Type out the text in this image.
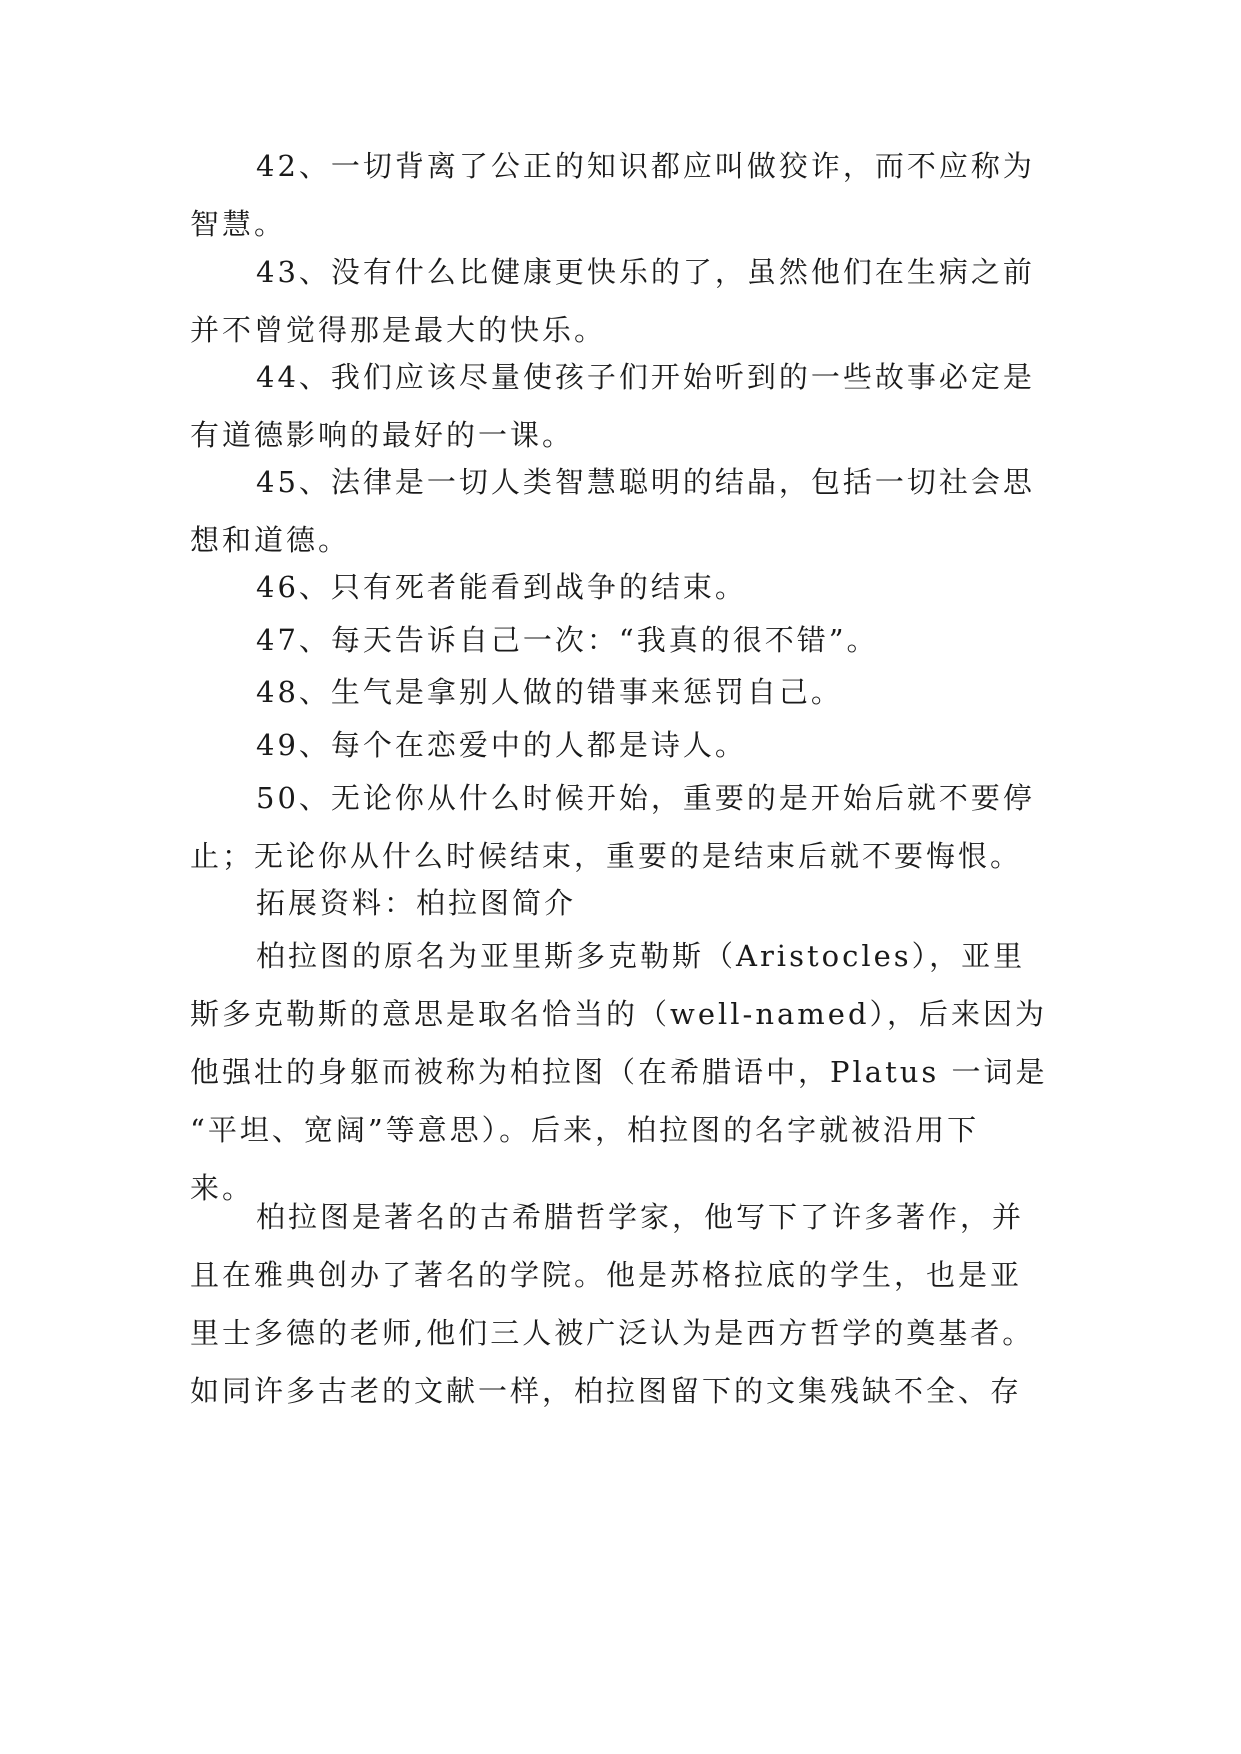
42、一切背离了公正的知识都应叫做狡诈，而不应称为
智慧。

43、没有什么比健康更快乐的了，虽然他们在生病之前
并不曾觉得那是最大的快乐。

44、我们应该尽量使孩子们开始听到的一些故事必定是
有道德影响的最好的一课。

45、法律是一切人类智慧聪明的结晶，包括一切社会思
想和道德。

46、只有死者能看到战争的结束。

47、每天告诉自己一次：“我真的很不错”。

48、生气是拿别人做的错事来惩罚自己。

49、每个在恋爱中的人都是诗人。

50、无论你从什么时候开始，重要的是开始后就不要停
止；无论你从什么时候结束，重要的是结束后就不要悔恨。

拓展资料：柏拉图简介

柏拉图的原名为亚里斯多克勒斯（Aristocles），亚里
斯多克勒斯的意思是取名恰当的（well-named），后来因为
他强壮的身躯而被称为柏拉图（在希腊语中，Platus 一词是
“平坦、宽阔”等意思）。后来，柏拉图的名字就被沿用下
来。

柏拉图是著名的古希腊哲学家，他写下了许多著作，并
且在雅典创办了著名的学院。他是苏格拉底的学生，也是亚
里士多德的老师,他们三人被广泛认为是西方哲学的奠基者。
如同许多古老的文献一样，柏拉图留下的文集残缺不全、存
